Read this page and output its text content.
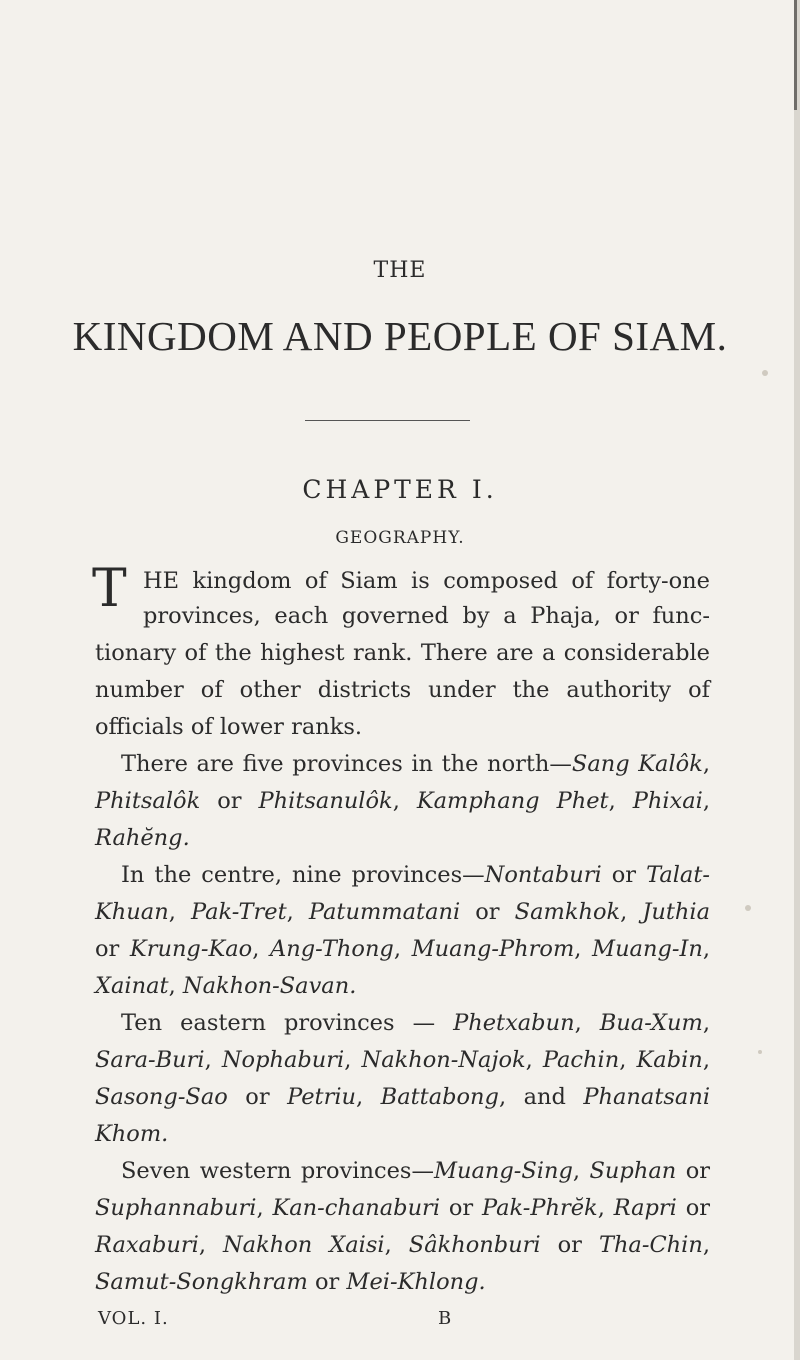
THE

KINGDOM AND PEOPLE OF SIAM.
CHAPTER I.
GEOGRAPHY.
T HE kingdom of Siam is composed of forty-one
provinces, each governed by a Phaja, or func-
tionary of the highest rank. There are a considerable
number of other districts under the authority of
officials of lower ranks.
There are five provinces in the north—Sang Kalôk,
Phitsalôk or Phitsanulôk, Kamphang Phet, Phixai,
Rahĕng.
In the centre, nine provinces—Nontaburi or Talat-
Khuan, Pak-Tret, Patummatani or Samkhok, Juthia
or Krung-Kao, Ang-Thong, Muang-Phrom, Muang-In,
Xainat, Nakhon-Savan.
Ten eastern provinces — Phetxabun, Bua-Xum,
Sara-Buri, Nophaburi, Nakhon-Najok, Pachin, Kabin,
Sasong-Sao or Petriu, Battabong, and Phanatsani
Khom.
Seven western provinces—Muang-Sing, Suphan or
Suphannaburi, Kan-chanaburi or Pak-Phrĕk, Rapri or
Raxaburi, Nakhon Xaisi, Sâkhonburi or Tha-Chin,
Samut-Songkhram or Mei-Khlong.
VOL. I.	B
